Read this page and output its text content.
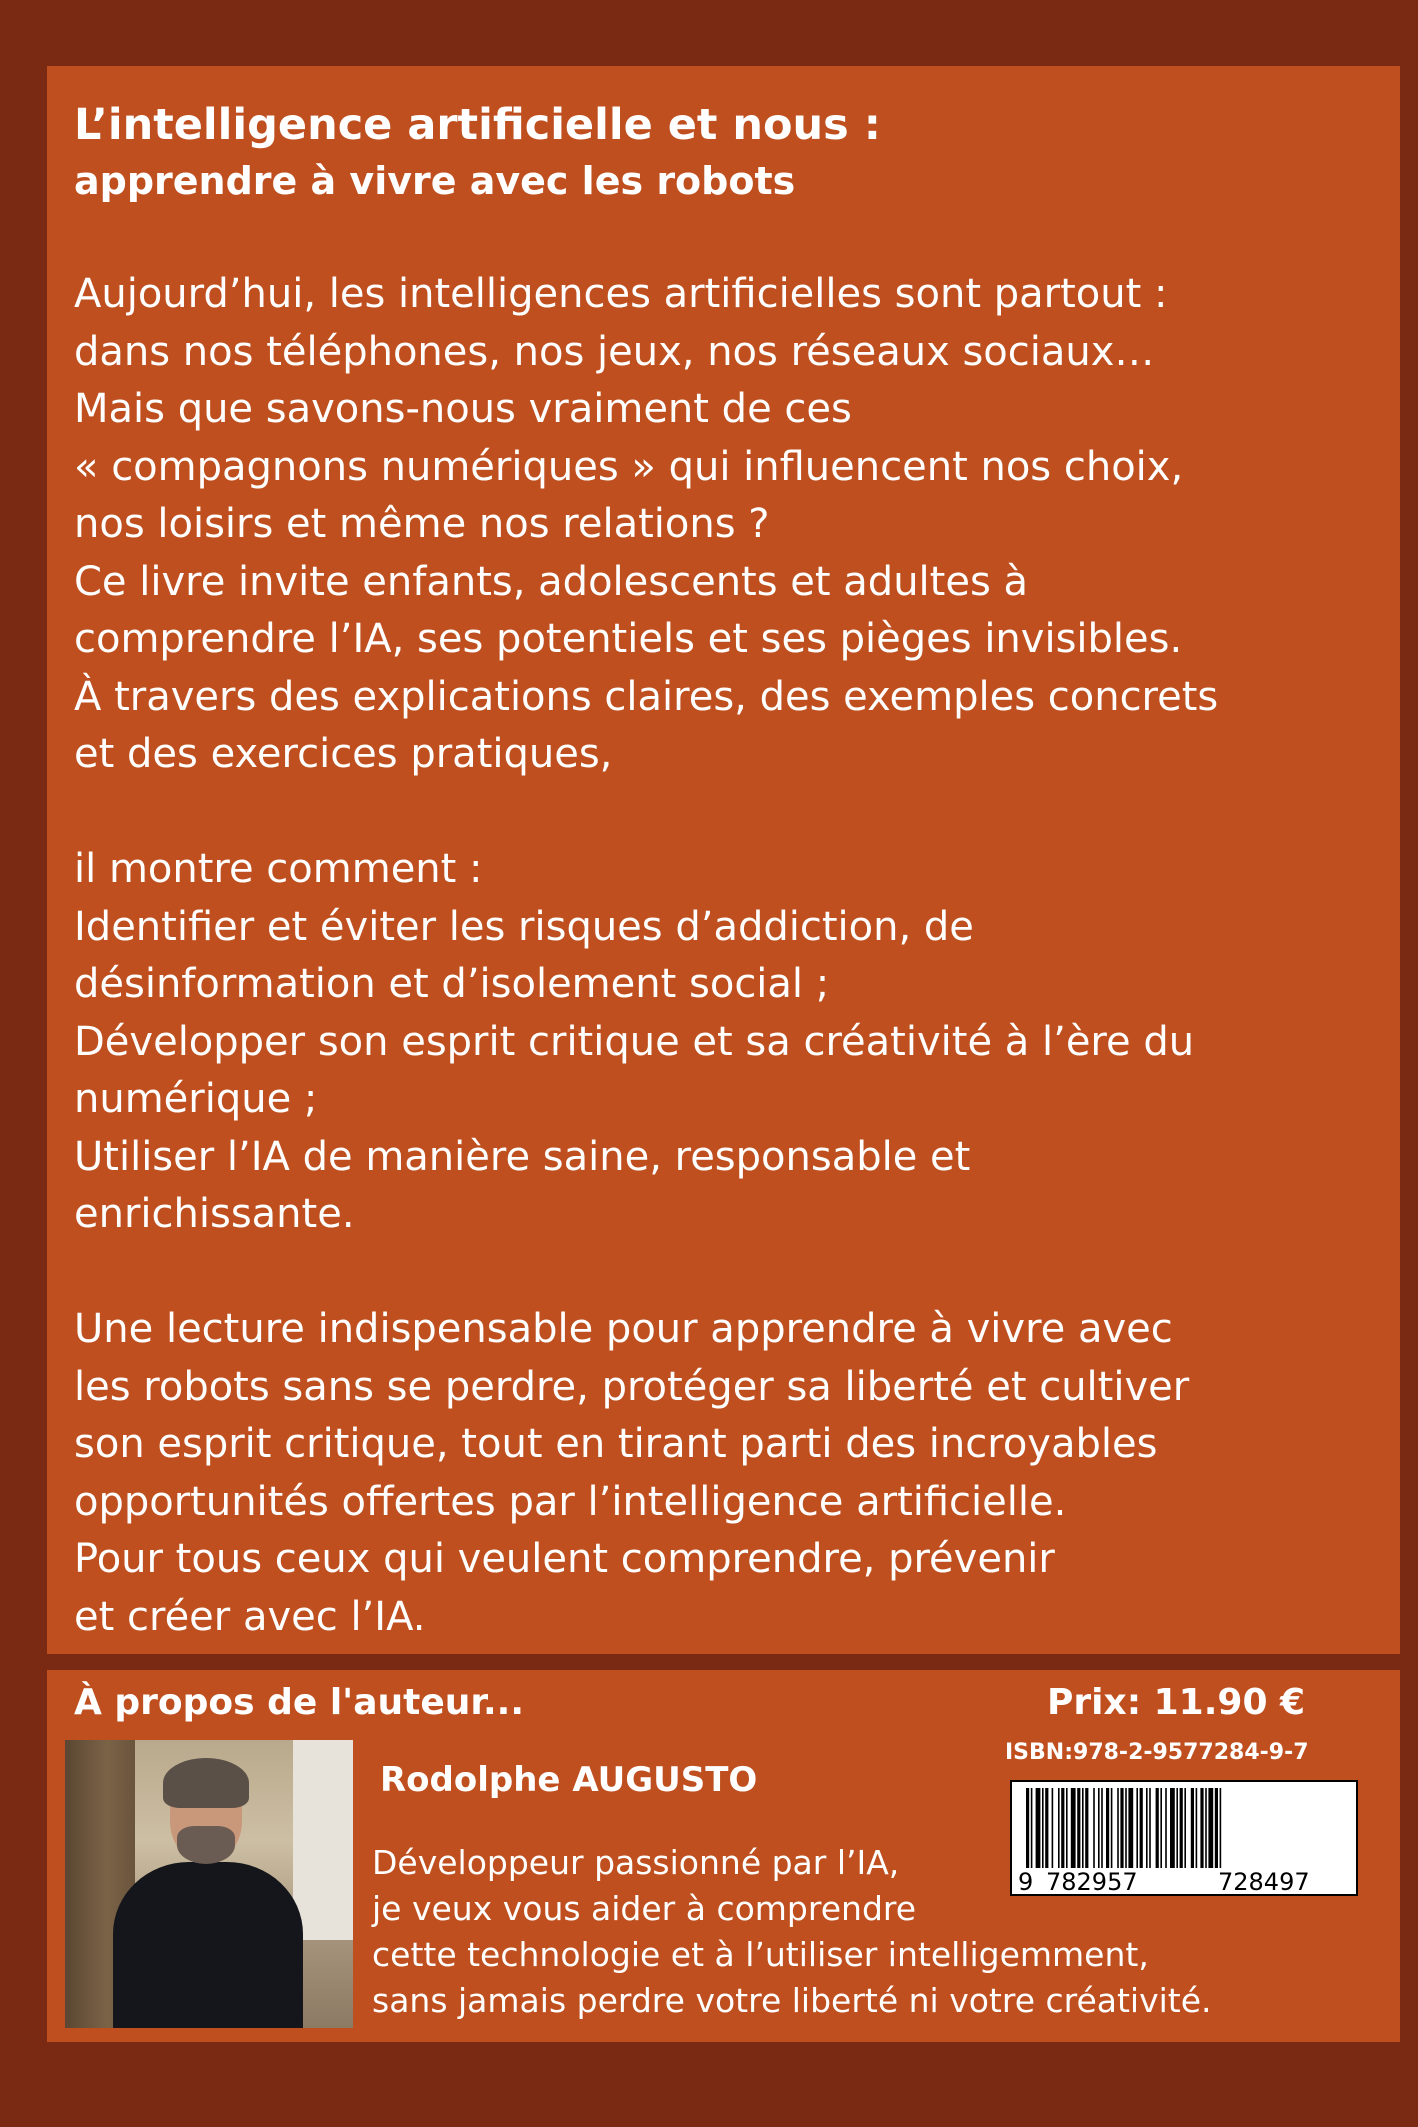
L’intelligence artificielle et nous :
apprendre à vivre avec les robots
Aujourd’hui, les intelligences artificielles sont partout :
dans nos téléphones, nos jeux, nos réseaux sociaux…
Mais que savons-nous vraiment de ces
« compagnons numériques » qui influencent nos choix,
nos loisirs et même nos relations ?
Ce livre invite enfants, adolescents et adultes à
comprendre l’IA, ses potentiels et ses pièges invisibles.
À travers des explications claires, des exemples concrets
et des exercices pratiques,
il montre comment :
Identifier et éviter les risques d’addiction, de
désinformation et d’isolement social ;
Développer son esprit critique et sa créativité à l’ère du
numérique ;
Utiliser l’IA de manière saine, responsable et
enrichissante.
Une lecture indispensable pour apprendre à vivre avec
les robots sans se perdre, protéger sa liberté et cultiver
son esprit critique, tout en tirant parti des incroyables
opportunités offertes par l’intelligence artificielle.
Pour tous ceux qui veulent comprendre, prévenir
et créer avec l’IA.
À propos de l'auteur...
Rodolphe AUGUSTO
Développeur passionné par l’IA,
je veux vous aider à comprendre
cette technologie et à l’utiliser intelligemment,
sans jamais perdre votre liberté ni votre créativité.
Prix: 11.90 €
ISBN:978-2-9577284-9-7

9

782957

	728497
